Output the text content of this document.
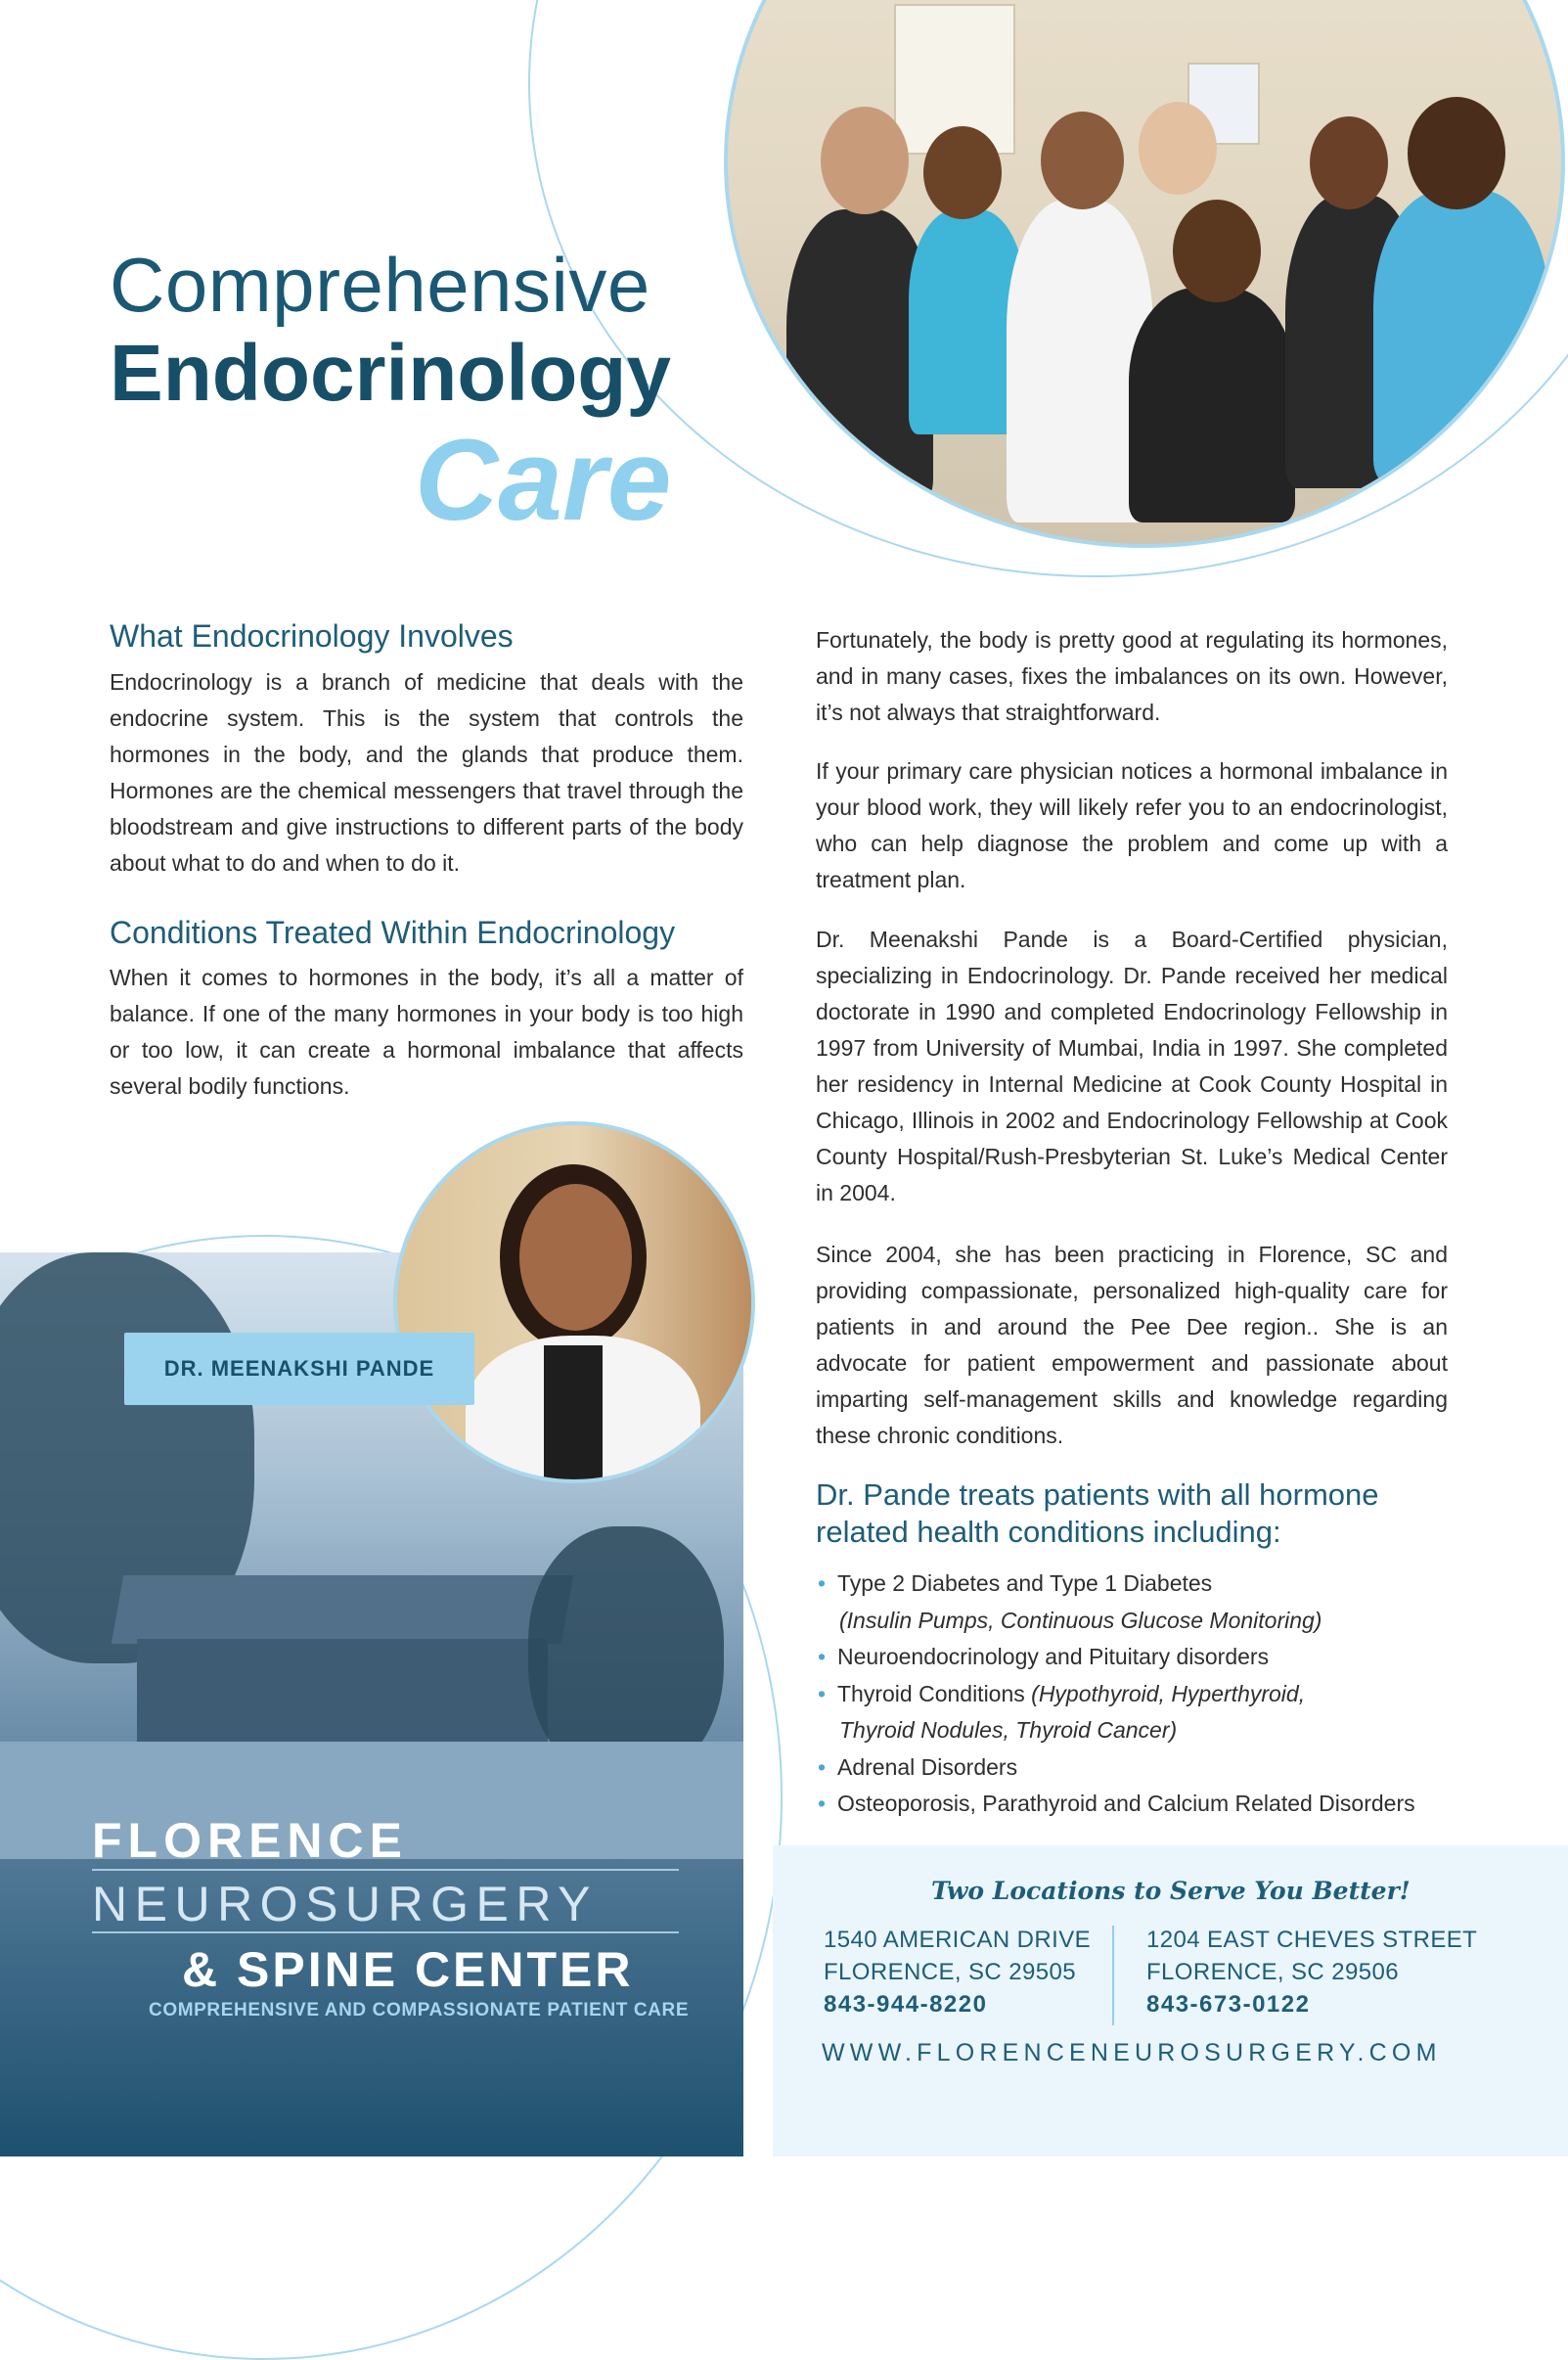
Comprehensive
Endocrinology
Care
What Endocrinology Involves
Endocrinology is a branch of medicine that deals with the endocrine system. This is the system that controls the hormones in the body, and the glands that produce them. Hormones are the chemical messengers that travel through the bloodstream and give instructions to different parts of the body about what to do and when to do it.
Conditions Treated Within Endocrinology
When it comes to hormones in the body, it’s all a matter of balance. If one of the many hormones in your body is too high or too low, it can create a hormonal imbalance that affects several bodily functions.
DR. MEENAKSHI PANDE
FLORENCE
NEUROSURGERY
& SPINE CENTER
COMPREHENSIVE AND COMPASSIONATE PATIENT CARE
Fortunately, the body is pretty good at regulating its hormones, and in many cases, fixes the imbalances on its own. However, it’s not always that straightforward.
If your primary care physician notices a hormonal imbalance in your blood work, they will likely refer you to an endocrinologist, who can help diagnose the problem and come up with a treatment plan.
Dr. Meenakshi Pande is a Board-Certified physician, specializing in Endocrinology. Dr. Pande received her medical doctorate in 1990 and completed Endocrinology Fellowship in 1997 from University of Mumbai, India in 1997. She completed her residency in Internal Medicine at Cook County Hospital in Chicago, Illinois in 2002 and Endocrinology Fellowship at Cook County Hospital/Rush-Presbyterian St. Luke’s Medical Center in 2004.
Since 2004, she has been practicing in Florence, SC and providing compassionate, personalized high-quality care for patients in and around the Pee Dee region.. She is an advocate for patient empowerment and passionate about imparting self-management skills and knowledge regarding these chronic conditions.
Dr. Pande treats patients with all hormone
related health conditions including:
• Type 2 Diabetes and Type 1 Diabetes
(Insulin Pumps, Continuous Glucose Monitoring)
• Neuroendocrinology and Pituitary disorders
• Thyroid Conditions (Hypothyroid, Hyperthyroid,
Thyroid Nodules, Thyroid Cancer)
• Adrenal Disorders
• Osteoporosis, Parathyroid and Calcium Related Disorders
Two Locations to Serve You Better!
1540 AMERICAN DRIVE
FLORENCE, SC 29505
843-944-8220
1204 EAST CHEVES STREET
FLORENCE, SC 29506
843-673-0122
WWW.FLORENCENEUROSURGERY.COM
